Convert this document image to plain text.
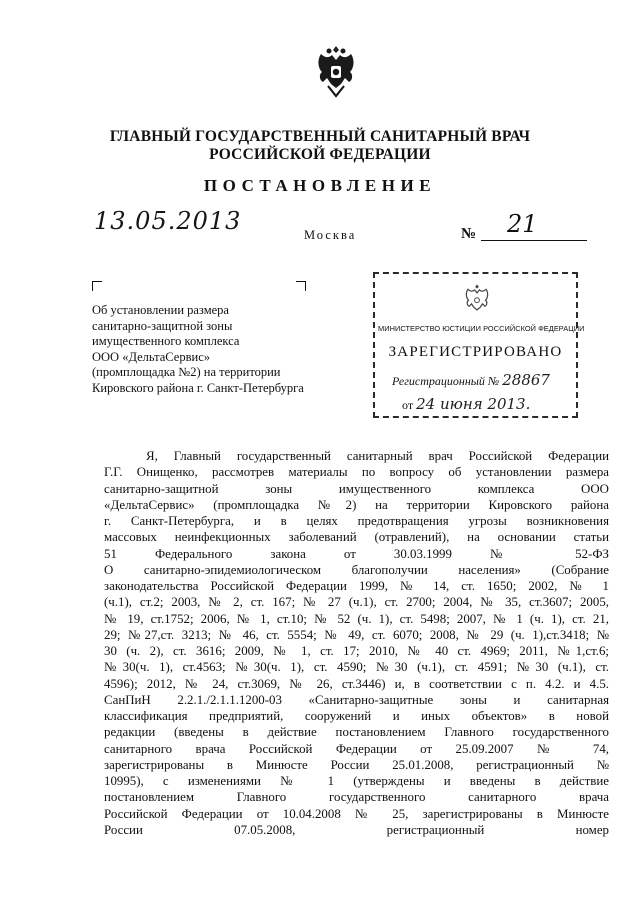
ГЛАВНЫЙ ГОСУДАРСТВЕННЫЙ САНИТАРНЫЙ ВРАЧ
РОССИЙСКОЙ ФЕДЕРАЦИИ
ПОСТАНОВЛЕНИЕ
13.05.2013	Москва	№ 21
Об установлении размера
санитарно-защитной зоны
имущественного комплекса
ООО «ДельтаСервис»
(промплощадка №2) на территории
Кировского района г. Санкт-Петербурга
МИНИСТЕРСТВО ЮСТИЦИИ РОССИЙСКОЙ ФЕДЕРАЦИИ
ЗАРЕГИСТРИРОВАНО
Регистрационный № 28867
от 24 июня 2013.
Я, Главный государственный санитарный врач Российской Федерации
Г.Г. Онищенко, рассмотрев материалы по вопросу об установлении размера
санитарно-защитной зоны имущественного комплекса ООО
«ДельтаСервис» (промплощадка №2) на территории Кировского района
г. Санкт-Петербурга, и в целях предотвращения угрозы возникновения
массовых неинфекционных заболеваний (отравлений), на основании статьи
51 Федерального закона от 30.03.1999 № 52-ФЗ
О санитарно-эпидемиологическом благополучии населения» (Собрание
законодательства Российской Федерации 1999, № 14, ст. 1650; 2002, № 1
(ч.1), ст.2; 2003, № 2, ст. 167; № 27 (ч.1), ст. 2700; 2004, № 35, ст.3607; 2005,
№ 19, ст.1752; 2006, № 1, ст.10; № 52 (ч. 1), ст. 5498; 2007, № 1 (ч. 1), ст. 21,
29; №27,ст. 3213; № 46, ст. 5554; № 49, ст. 6070; 2008, № 29 (ч. 1),ст.3418; №
30 (ч. 2), ст. 3616; 2009, № 1, ст. 17; 2010, № 40 ст. 4969; 2011, №1,ст.6;
№30(ч. 1), ст.4563; №30(ч. 1), ст. 4590; №30 (ч.1), ст. 4591; №30 (ч.1), ст.
4596); 2012, № 24, ст.3069, № 26, ст.3446) и, в соответствии с п. 4.2. и 4.5.
СанПиН 2.2.1./2.1.1.1200-03 «Санитарно-защитные зоны и санитарная
классификация предприятий, сооружений и иных объектов» в новой
редакции (введены в действие постановлением Главного государственного
санитарного врача Российской Федерации от 25.09.2007 № 74,
зарегистрированы в Минюсте России 25.01.2008, регистрационный №
10995), с изменениями № 1 (утверждены и введены в действие
постановлением Главного государственного санитарного врача
Российской Федерации от 10.04.2008 № 25, зарегистрированы в Минюсте
России 07.05.2008, регистрационный номер
